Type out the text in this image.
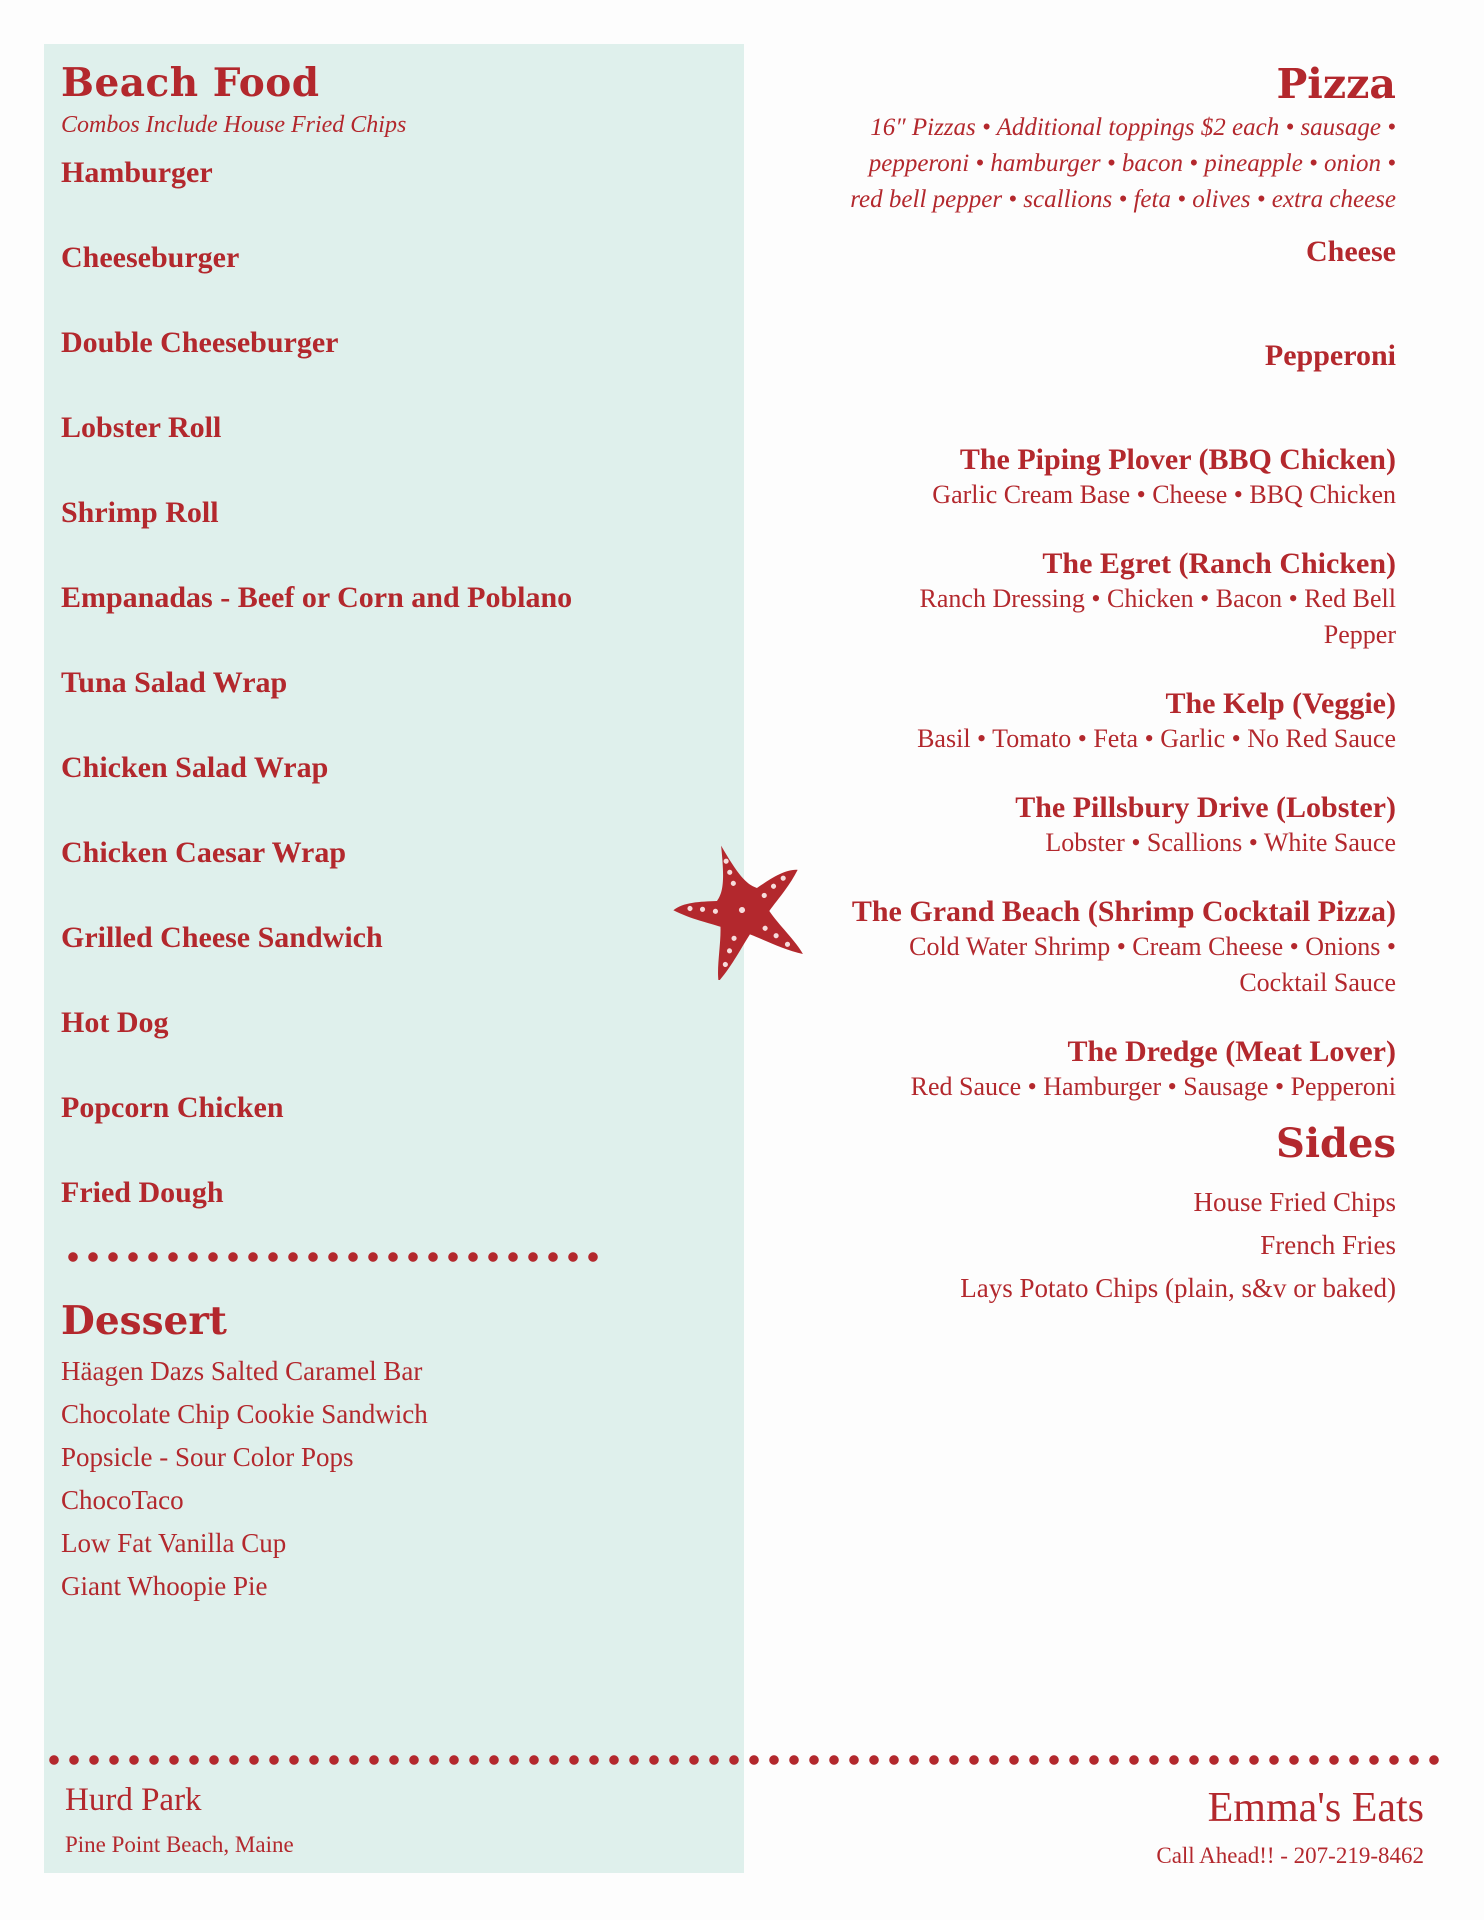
Beach Food
Combos Include House Fried Chips
Hamburger
Cheeseburger
Double Cheeseburger
Lobster Roll
Shrimp Roll
Empanadas - Beef or Corn and Poblano
Tuna Salad Wrap
Chicken Salad Wrap
Chicken Caesar Wrap
Grilled Cheese Sandwich
Hot Dog
Popcorn Chicken
Fried Dough
Dessert
Häagen Dazs Salted Caramel Bar
Chocolate Chip Cookie Sandwich
Popsicle - Sour Color Pops
ChocoTaco
Low Fat Vanilla Cup
Giant Whoopie Pie
Pizza
16″ Pizzas • Additional toppings $2 each • sausage •
pepperoni • hamburger • bacon • pineapple • onion •
red bell pepper • scallions • feta • olives • extra cheese
Cheese
Pepperoni
The Piping Plover (BBQ Chicken)
Garlic Cream Base • Cheese • BBQ Chicken
The Egret (Ranch Chicken)
Ranch Dressing • Chicken • Bacon • Red Bell
Pepper
The Kelp (Veggie)
Basil • Tomato • Feta • Garlic • No Red Sauce
The Pillsbury Drive (Lobster)
Lobster • Scallions • White Sauce
The Grand Beach (Shrimp Cocktail Pizza)
Cold Water Shrimp • Cream Cheese • Onions •
Cocktail Sauce
The Dredge (Meat Lover)
Red Sauce • Hamburger • Sausage • Pepperoni
Sides
House Fried Chips
French Fries
Lays Potato Chips (plain, s&v or baked)
Hurd Park
Pine Point Beach, Maine
Emma's Eats
Call Ahead!! - 207-219-8462
